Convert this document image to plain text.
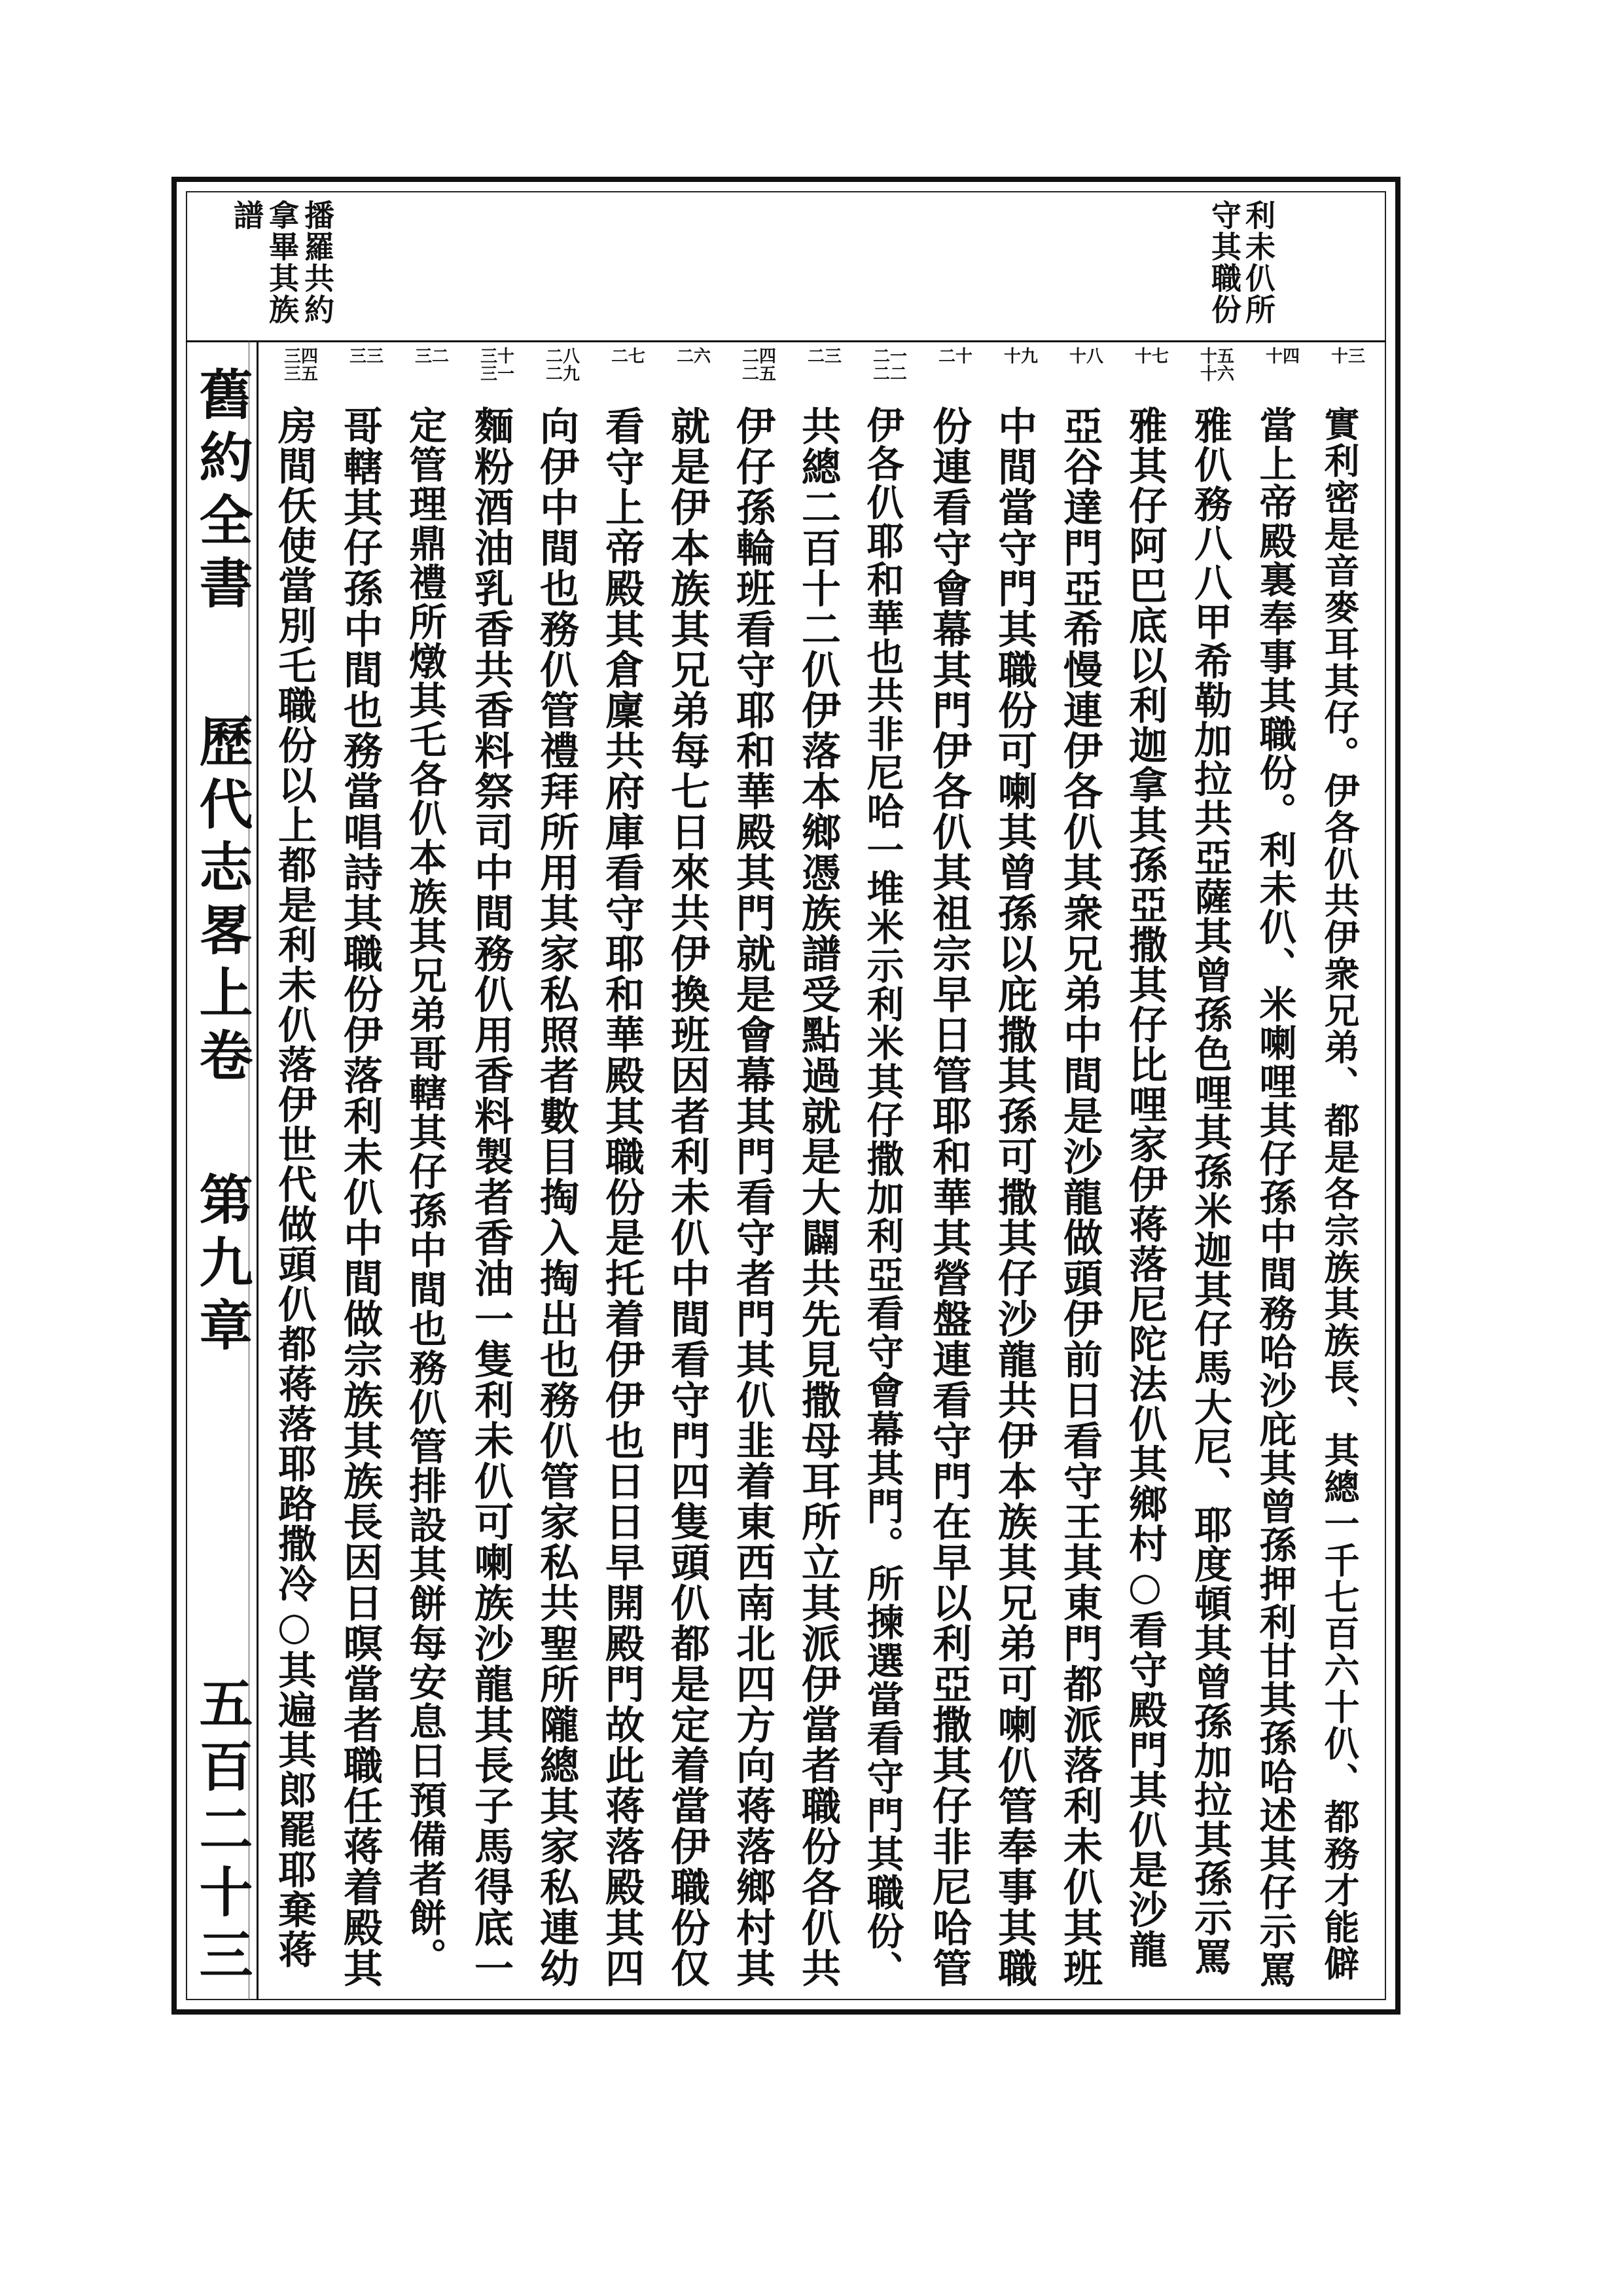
利未仈所
守其職份
播羅共約
拿畢其族
譜
舊約全書
歷代志畧上卷
第九章
五百二十三
十三
十四
十五十六
十七
十八
十九
二十
二一二二
二三
二四二五
二六
二七
二八二九
三十三一
三二
三三
三四三五
實利密是音麥耳其仔。伊各仈共伊衆兄弟、都是各宗族其族長、其總一千七百六十仈、都務才能僻
當上帝殿裏奉事其職份。利未仈、米喇哩其仔孫中間務哈沙庇其曾孫押利甘其孫哈述其仔示罵
雅仈務八八甲希勒加拉共亞薩其曾孫色哩其孫米迦其仔馬大尼、耶度頓其曾孫加拉其孫示罵
雅其仔阿巴底以利迦拿其孫亞撒其仔比哩家伊蒋落尼陀法仈其鄉村○看守殿門其仈是沙龍
亞谷達門亞希慢連伊各仈其衆兄弟中間是沙龍做頭伊前日看守王其東門都派落利未仈其班
中間當守門其職份可喇其曾孫以庇撒其孫可撒其仔沙龍共伊本族其兄弟可喇仈管奉事其職
份連看守會幕其門伊各仈其祖宗早日管耶和華其營盤連看守門在早以利亞撒其仔非尼哈管
伊各仈耶和華也共非尼哈一堆米示利米其仔撒加利亞看守會幕其門。所揀選當看守門其職份、
共總二百十二仈伊落本鄉憑族譜受點過就是大闢共先見撒母耳所立其派伊當者職份各仈共
伊仔孫輪班看守耶和華殿其門就是會幕其門看守者門其仈韭着東西南北四方向蒋落鄉村其
就是伊本族其兄弟每七日來共伊換班因者利未仈中間看守門四隻頭仈都是定着當伊職份仅
看守上帝殿其倉廩共府庫看守耶和華殿其職份是托着伊伊也日日早開殿門故此蒋落殿其四
向伊中間也務仈管禮拜所用其家私照者數目掏入掏出也務仈管家私共聖所隴總其家私連幼
麵粉酒油乳香共香料祭司中間務仈用香料製者香油一隻利未仈可喇族沙龍其長子馬得底一
定管理鼎禮所燉其乇各仈本族其兄弟哥轄其仔孫中間也務仈管排設其餅每安息日預備者餅。
哥轄其仔孫中間也務當唱詩其職份伊落利未仈中間做宗族其族長因日暝當者職任蒋着殿其
房間仸使當別乇職份以上都是利未仈落伊世代做頭仈都蒋落耶路撒冷○其遍其郎罷耶棄蒋
